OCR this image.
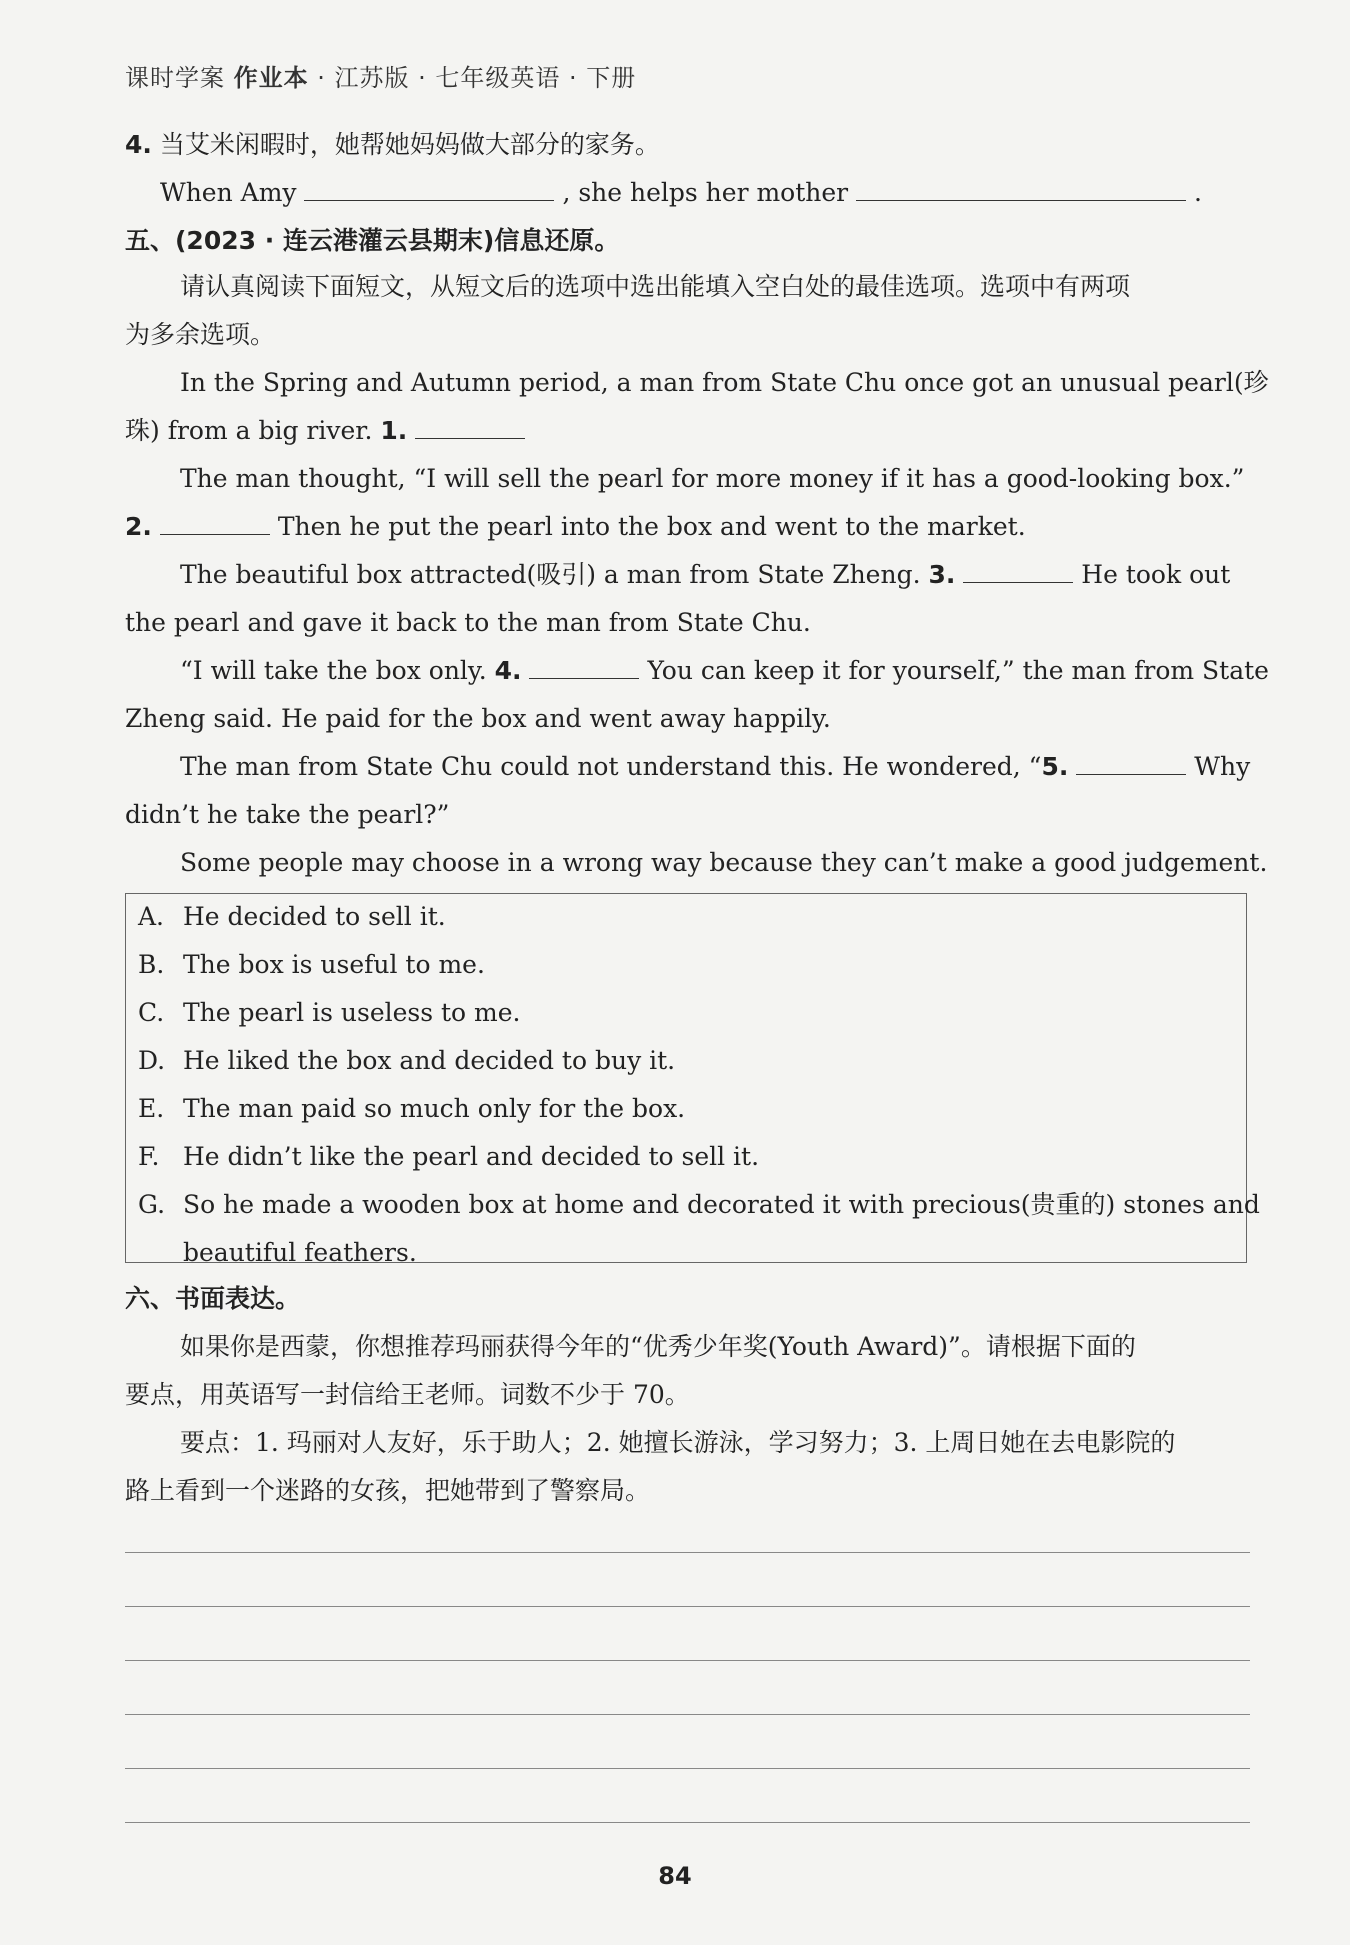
课时学案 作业本 · 江苏版 · 七年级英语 · 下册
4. 当艾米闲暇时，她帮她妈妈做大部分的家务。
When Amy	, she helps her mother	.
五、(2023 · 连云港灌云县期末)信息还原。
请认真阅读下面短文，从短文后的选项中选出能填入空白处的最佳选项。选项中有两项
为多余选项。
In the Spring and Autumn period, a man from State Chu once got an unusual pearl(珍
珠) from a big river. 1.
The man thought, “I will sell the pearl for more money if it has a good-looking box.”
2.	Then he put the pearl into the box and went to the market.
The beautiful box attracted(吸引) a man from State Zheng. 3.	He took out
the pearl and gave it back to the man from State Chu.
“I will take the box only. 4.	You can keep it for yourself,” the man from State
Zheng said. He paid for the box and went away happily.
The man from State Chu could not understand this. He wondered, “5.	Why
didn’t he take the pearl?”
Some people may choose in a wrong way because they can’t make a good judgement.
A. He decided to sell it.
B. The box is useful to me.
C. The pearl is useless to me.
D. He liked the box and decided to buy it.
E. The man paid so much only for the box.
F. He didn’t like the pearl and decided to sell it.
G. So he made a wooden box at home and decorated it with precious(贵重的) stones and
beautiful feathers.
六、书面表达。
如果你是西蒙，你想推荐玛丽获得今年的“优秀少年奖(Youth Award)”。请根据下面的
要点，用英语写一封信给王老师。词数不少于 70。
要点：1. 玛丽对人友好，乐于助人；2. 她擅长游泳，学习努力；3. 上周日她在去电影院的
路上看到一个迷路的女孩，把她带到了警察局。
84
